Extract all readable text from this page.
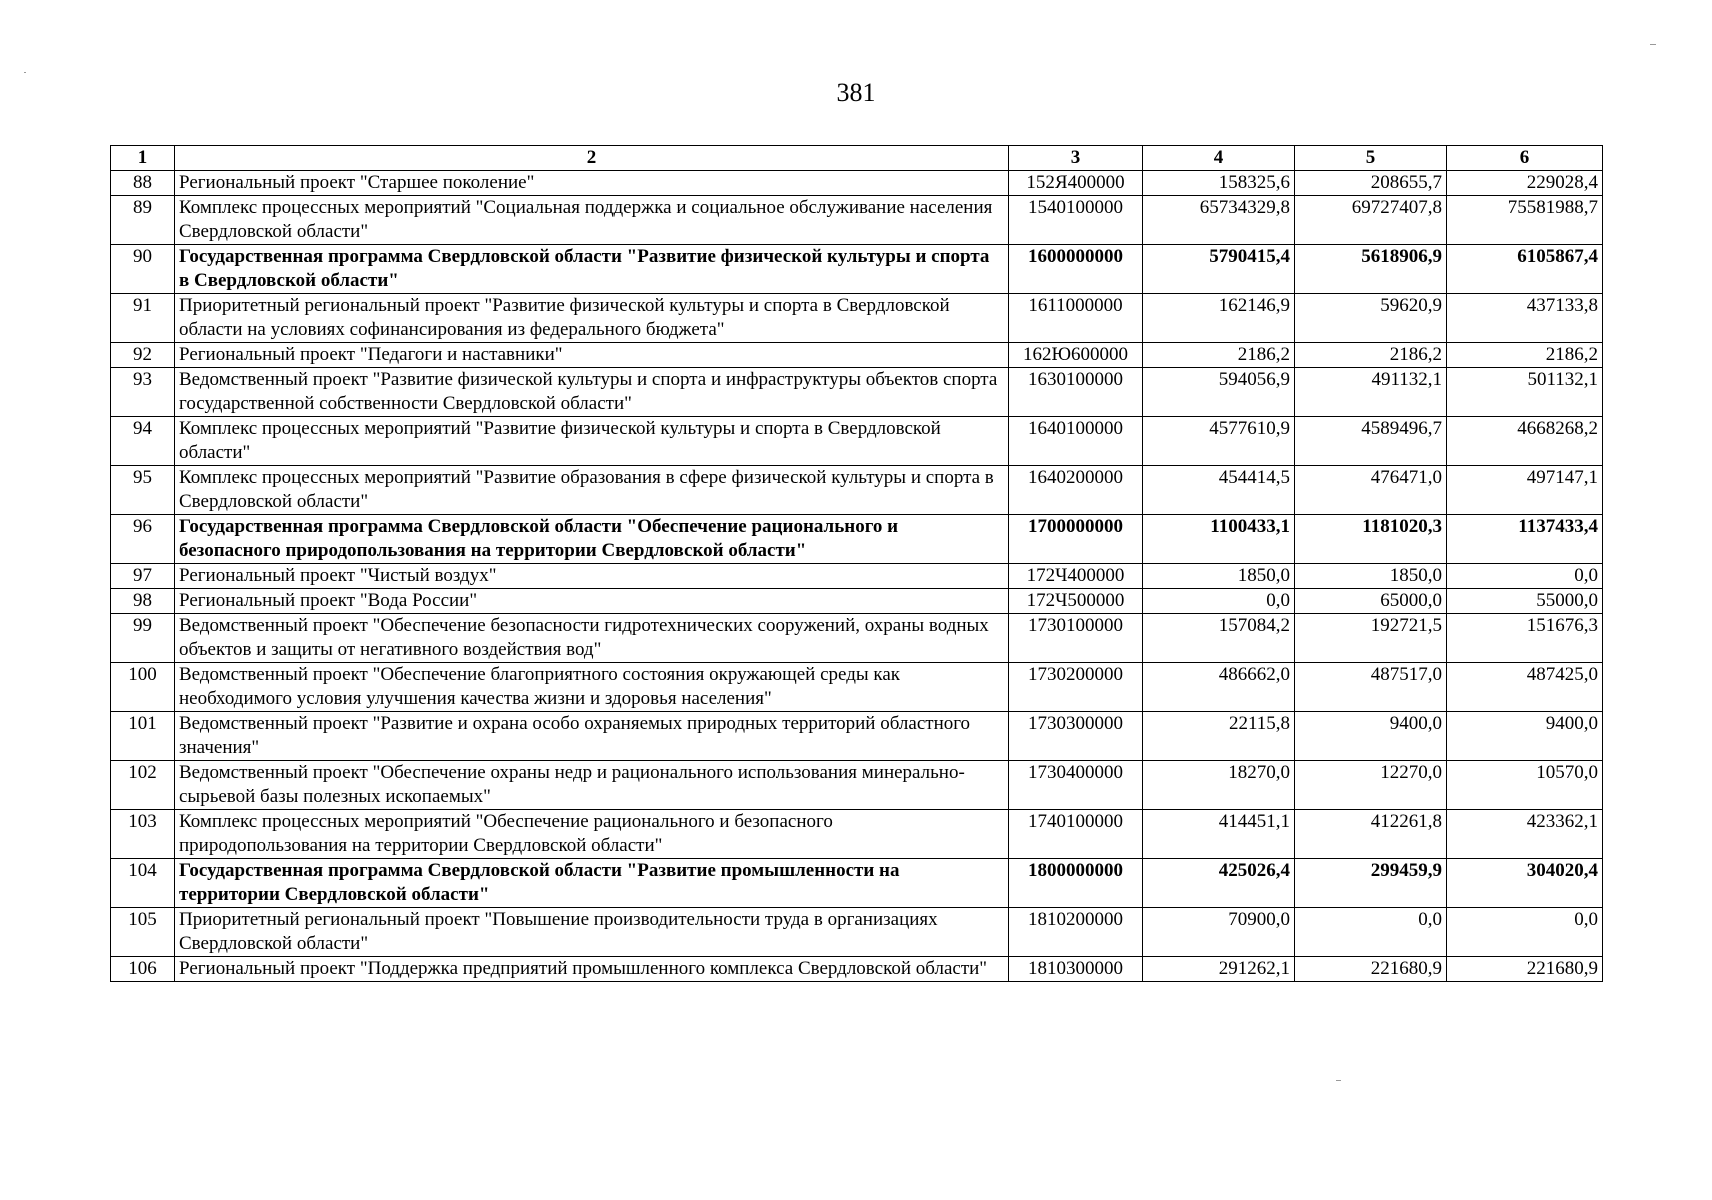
381
1	2	3	4	5	6
88	Региональный проект "Старшее поколение"	152Я400000	158325,6	208655,7	229028,4
89	Комплекс процессных мероприятий "Социальная поддержка и социальное обслуживание населения Свердловской области"	1540100000	65734329,8	69727407,8	75581988,7
90	Государственная программа Свердловской области "Развитие физической культуры и спорта в Свердловской области"	1600000000	5790415,4	5618906,9	6105867,4
91	Приоритетный региональный проект "Развитие физической культуры и спорта в Свердловской области на условиях софинансирования из федерального бюджета"	1611000000	162146,9	59620,9	437133,8
92	Региональный проект "Педагоги и наставники"	162Ю600000	2186,2	2186,2	2186,2
93	Ведомственный проект "Развитие физической культуры и спорта и инфраструктуры объектов спорта государственной собственности Свердловской области"	1630100000	594056,9	491132,1	501132,1
94	Комплекс процессных мероприятий "Развитие физической культуры и спорта в Свердловской области"	1640100000	4577610,9	4589496,7	4668268,2
95	Комплекс процессных мероприятий "Развитие образования в сфере физической культуры и спорта в Свердловской области"	1640200000	454414,5	476471,0	497147,1
96	Государственная программа Свердловской области "Обеспечение рационального и безопасного природопользования на территории Свердловской области"	1700000000	1100433,1	1181020,3	1137433,4
97	Региональный проект "Чистый воздух"	172Ч400000	1850,0	1850,0	0,0
98	Региональный проект "Вода России"	172Ч500000	0,0	65000,0	55000,0
99	Ведомственный проект "Обеспечение безопасности гидротехнических сооружений, охраны водных объектов и защиты от негативного воздействия вод"	1730100000	157084,2	192721,5	151676,3
100	Ведомственный проект "Обеспечение благоприятного состояния окружающей среды как необходимого условия улучшения качества жизни и здоровья населения"	1730200000	486662,0	487517,0	487425,0
101	Ведомственный проект "Развитие и охрана особо охраняемых природных территорий областного значения"	1730300000	22115,8	9400,0	9400,0
102	Ведомственный проект "Обеспечение охраны недр и рационального использования минерально-сырьевой базы полезных ископаемых"	1730400000	18270,0	12270,0	10570,0
103	Комплекс процессных мероприятий "Обеспечение рационального и безопасного природопользования на территории Свердловской области"	1740100000	414451,1	412261,8	423362,1
104	Государственная программа Свердловской области "Развитие промышленности на территории Свердловской области"	1800000000	425026,4	299459,9	304020,4
105	Приоритетный региональный проект "Повышение производительности труда в организациях Свердловской области"	1810200000	70900,0	0,0	0,0
106	Региональный проект "Поддержка предприятий промышленного комплекса Свердловской области"	1810300000	291262,1	221680,9	221680,9
